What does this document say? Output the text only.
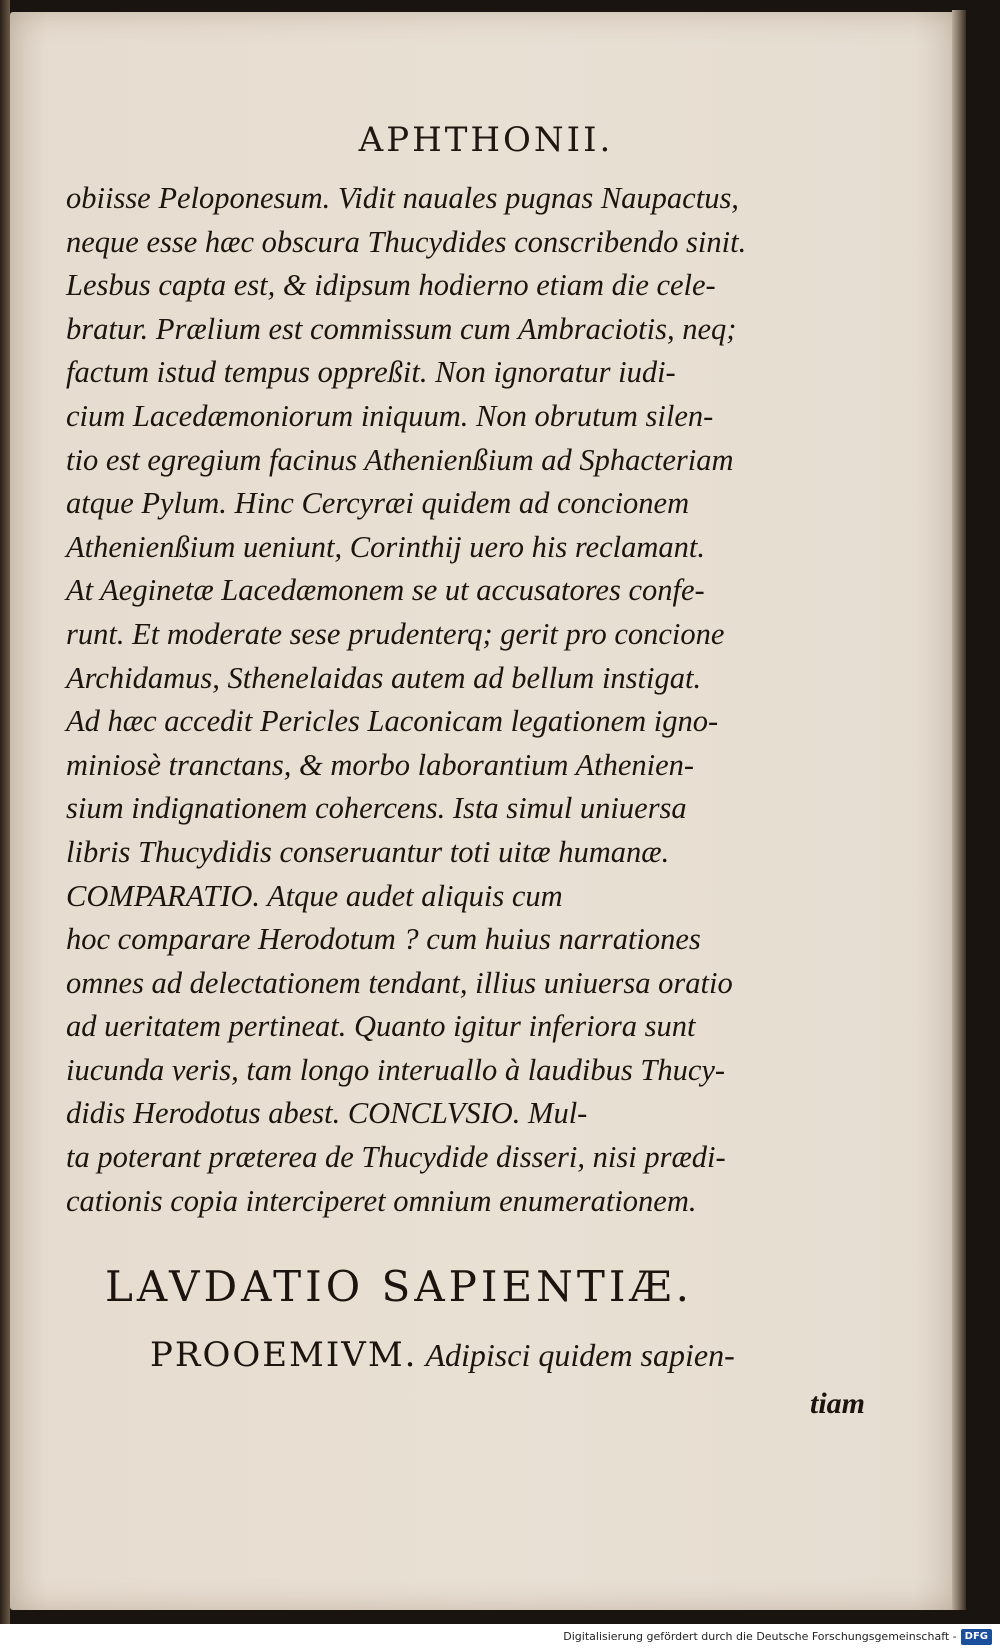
APHTHONII.
obiisse Peloponesum. Vidit nauales pugnas Naupactus,
neque esse hæc obscura Thucydides conscribendo sinit.
Lesbus capta est, & idipsum hodierno etiam die cele-
bratur. Prælium est commissum cum Ambraciotis, neq;
factum istud tempus oppreßit. Non ignoratur iudi-
cium Lacedæmoniorum iniquum. Non obrutum silen-
tio est egregium facinus Athenienßium ad Sphacteriam
atque Pylum. Hinc Cercyræi quidem ad concionem
Athenienßium ueniunt, Corinthij uero his reclamant.
At Aeginetæ Lacedæmonem se ut accusatores confe-
runt. Et moderate sese prudenterq; gerit pro concione
Archidamus, Sthenelaidas autem ad bellum instigat.
Ad hæc accedit Pericles Laconicam legationem igno-
miniosè tranctans, & morbo laborantium Athenien-
sium indignationem cohercens. Ista simul uniuersa
libris Thucydidis conseruantur toti uitæ humanæ.
COMPARATIO. Atque audet aliquis cum
hoc comparare Herodotum ? cum huius narrationes
omnes ad delectationem tendant, illius uniuersa oratio
ad ueritatem pertineat. Quanto igitur inferiora sunt
iucunda veris, tam longo interuallo à laudibus Thucy-
didis Herodotus abest. CONCLVSIO. Mul-
ta poterant præterea de Thucydide disseri, nisi prædi-
cationis copia interciperet omnium enumerationem.
LAVDATIO SAPIENTIÆ.
PROOEMIVM. Adipisci quidem sapien-
tiam
Digitalisierung gefördert durch die Deutsche Forschungsgemeinschaft - DFG
